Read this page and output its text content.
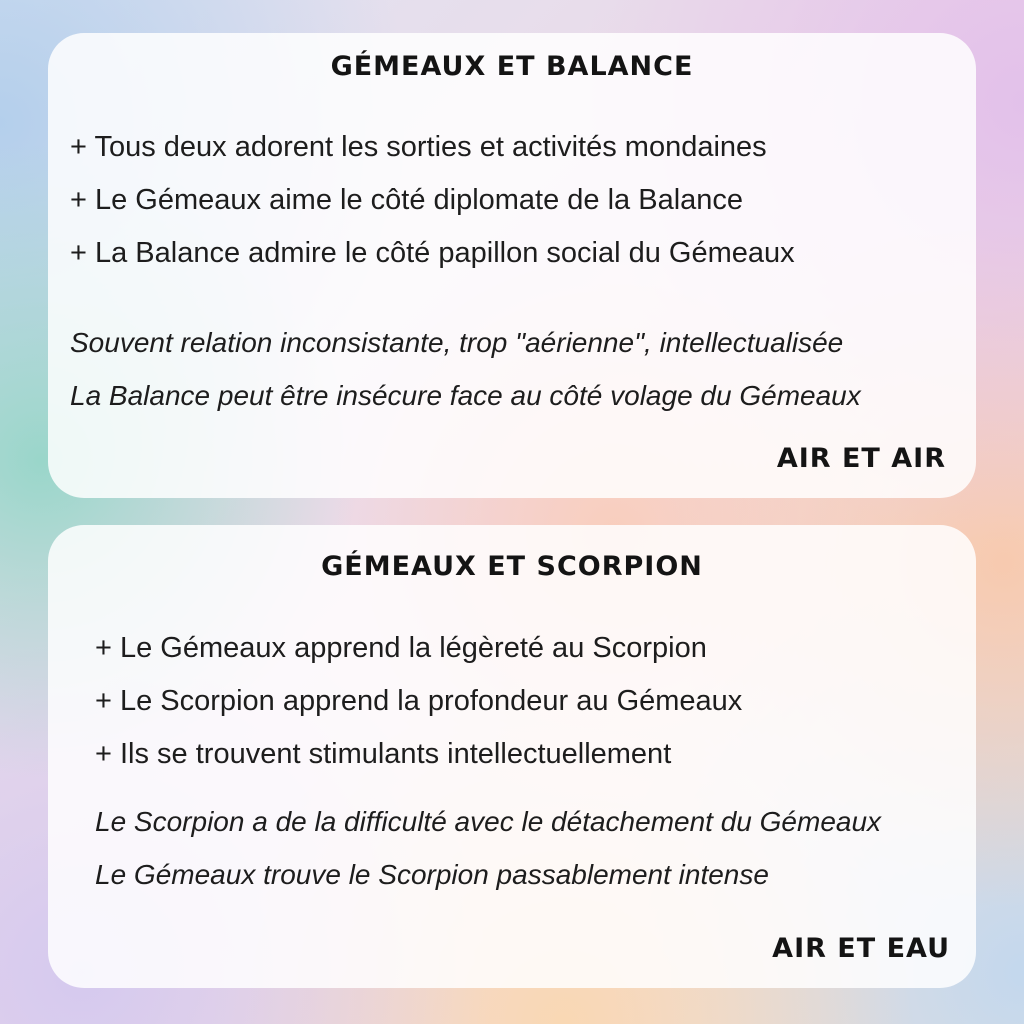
GÉMEAUX ET BALANCE
+ Tous deux adorent les sorties et activités mondaines
+ Le Gémeaux aime le côté diplomate de la Balance
+ La Balance admire le côté papillon social du Gémeaux
Souvent relation inconsistante, trop "aérienne", intellectualisée
La Balance peut être insécure face au côté volage du Gémeaux

AIR ET AIR

GÉMEAUX ET SCORPION
+ Le Gémeaux apprend la légèreté au Scorpion
+ Le Scorpion apprend la profondeur au Gémeaux
+ Ils se trouvent stimulants intellectuellement
Le Scorpion a de la difficulté avec le détachement du Gémeaux
Le Gémeaux trouve le Scorpion passablement intense

AIR ET EAU
